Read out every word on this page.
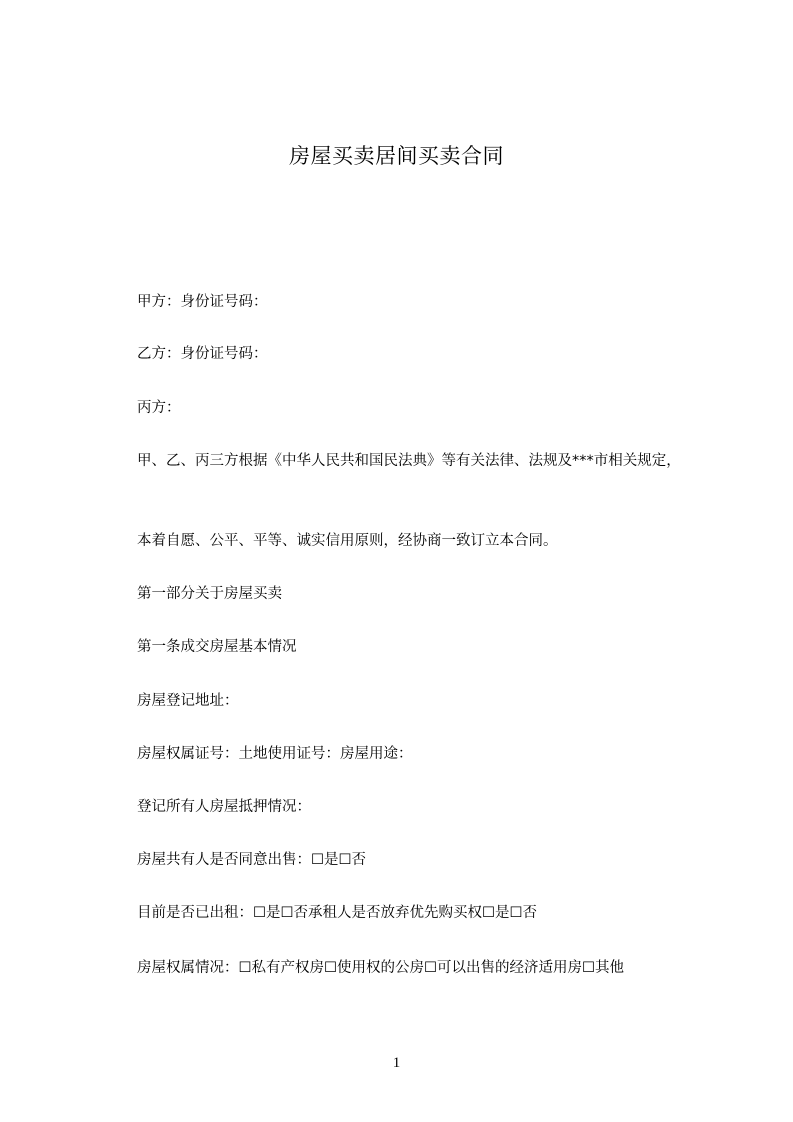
房屋买卖居间买卖合同
甲方：身份证号码：
乙方：身份证号码：
丙方：
甲、乙、丙三方根据《中华人民共和国民法典》等有关法律、法规及***市相关规定，
本着自愿、公平、平等、诚实信用原则，经协商一致订立本合同。
第一部分关于房屋买卖
第一条成交房屋基本情况
房屋登记地址：
房屋权属证号：土地使用证号：房屋用途：
登记所有人房屋抵押情况：
房屋共有人是否同意出售：☐是☐否
目前是否已出租：☐是☐否承租人是否放弃优先购买权☐是☐否
房屋权属情况：☐私有产权房☐使用权的公房☐可以出售的经济适用房☐其他
1
